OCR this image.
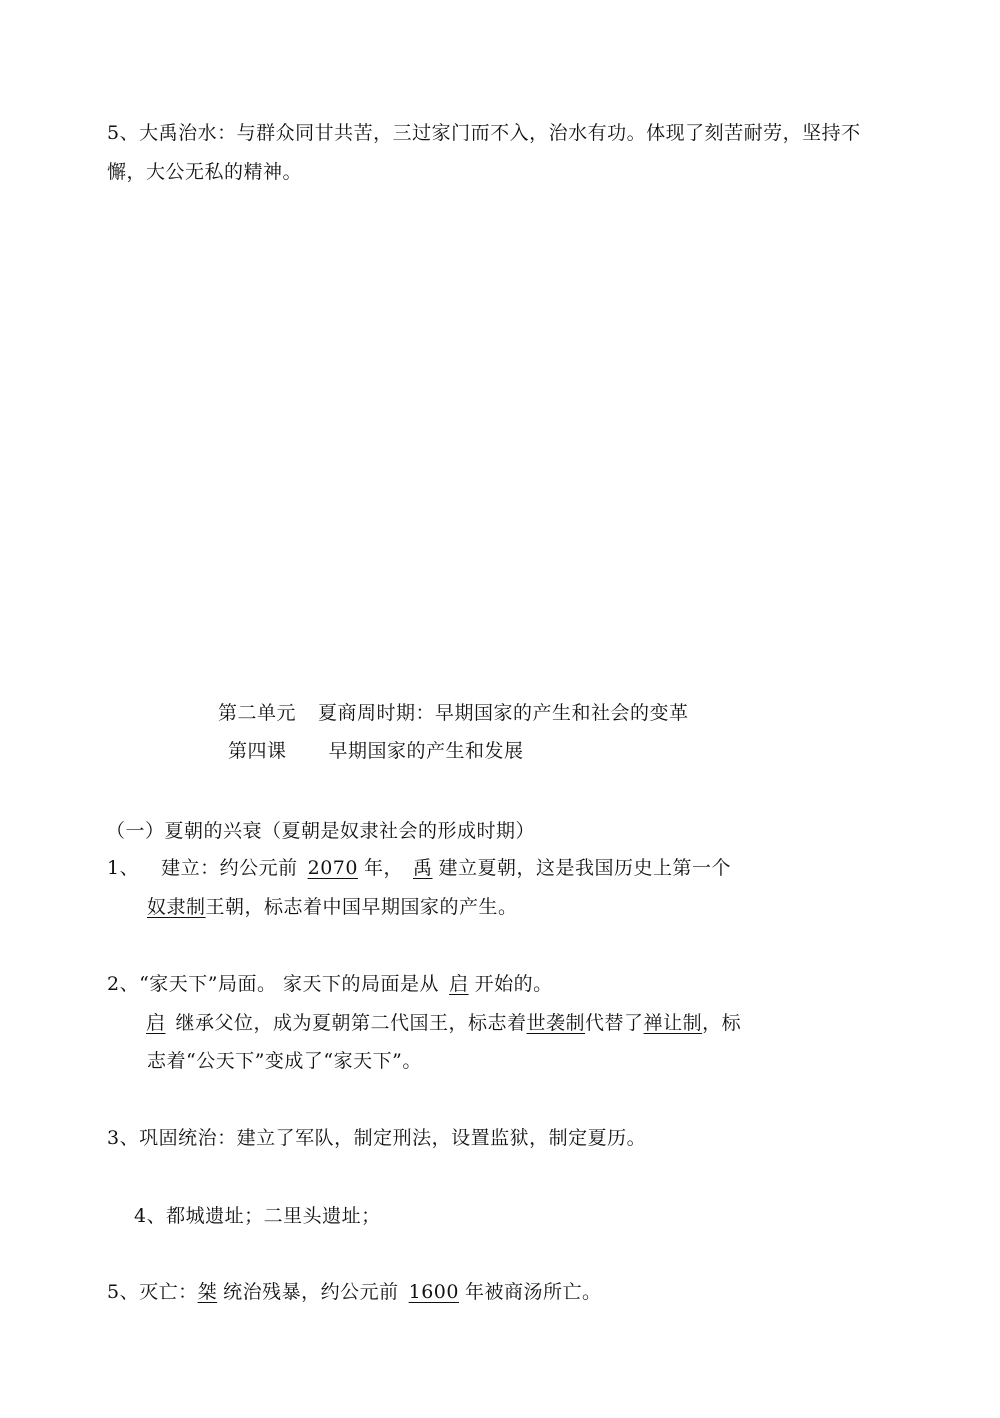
5、大禹治水：与群众同甘共苦，三过家门而不入，治水有功。体现了刻苦耐劳，坚持不
懈，大公无私的精神。
第二单元 夏商周时期：早期国家的产生和社会的变革
第四课 早期国家的产生和发展
（一）夏朝的兴衰（夏朝是奴隶社会的形成时期）
1、 建立：约公元前 2070 年， 禹 建立夏朝，这是我国历史上第一个
奴隶制王朝，标志着中国早期国家的产生。
2、“家天下”局面。 家天下的局面是从 启 开始的。
启 继承父位，成为夏朝第二代国王，标志着世袭制代替了禅让制，标
志着“公天下”变成了“家天下”。
3、巩固统治：建立了军队，制定刑法，设置监狱，制定夏历。
4、都城遗址；二里头遗址；
5、灭亡：桀 统治残暴，约公元前 1600 年被商汤所亡。
